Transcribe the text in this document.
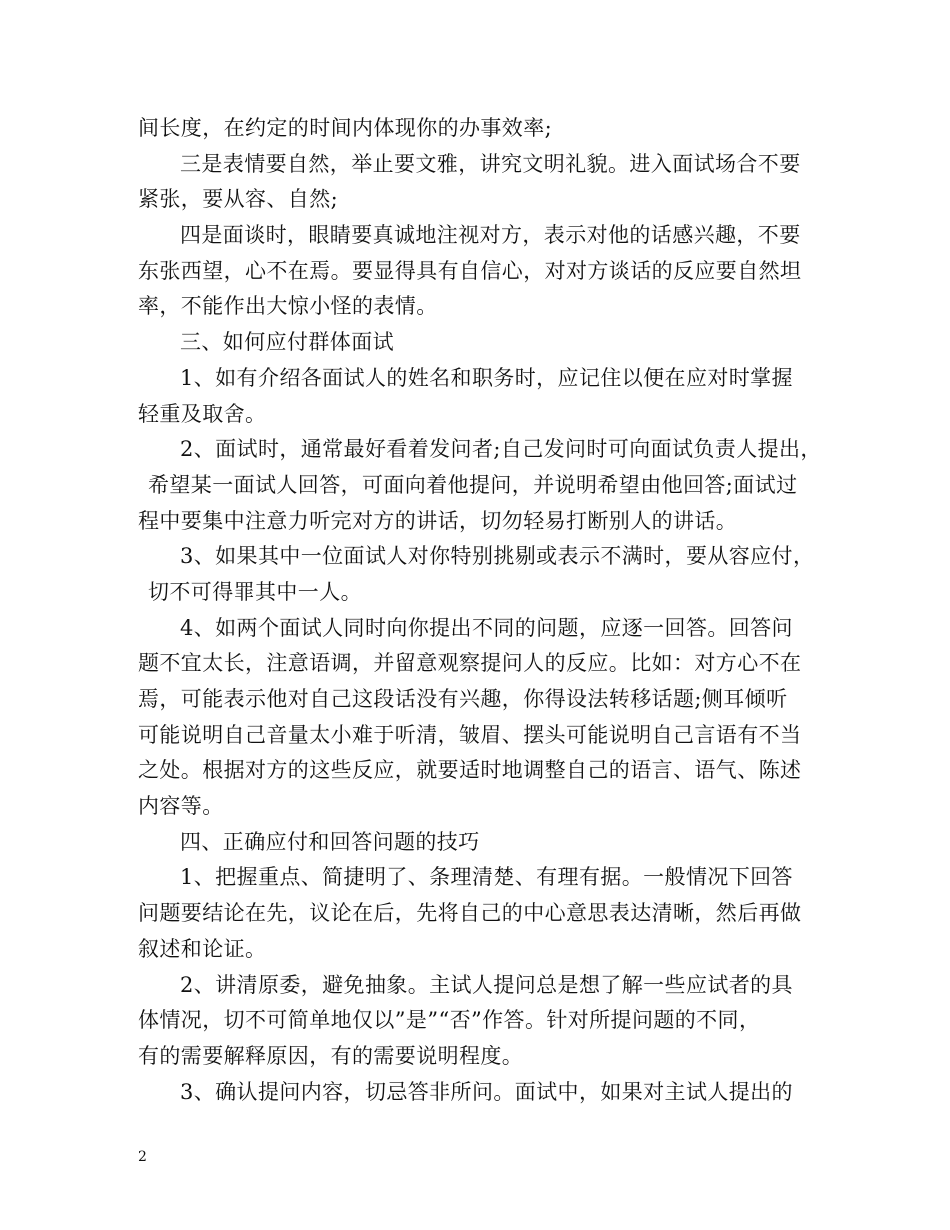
间长度，在约定的时间内体现你的办事效率;
三是表情要自然，举止要文雅，讲究文明礼貌。进入面试场合不要
紧张，要从容、自然;
四是面谈时，眼睛要真诚地注视对方，表示对他的话感兴趣，不要
东张西望，心不在焉。要显得具有自信心，对对方谈话的反应要自然坦
率，不能作出大惊小怪的表情。
三、如何应付群体面试
1、如有介绍各面试人的姓名和职务时，应记住以便在应对时掌握
轻重及取舍。
2、面试时，通常最好看着发问者;自己发问时可向面试负责人提出，
希望某一面试人回答，可面向着他提问，并说明希望由他回答;面试过
程中要集中注意力听完对方的讲话，切勿轻易打断别人的讲话。
3、如果其中一位面试人对你特别挑剔或表示不满时，要从容应付，
切不可得罪其中一人。
4、如两个面试人同时向你提出不同的问题，应逐一回答。回答问
题不宜太长，注意语调，并留意观察提问人的反应。比如：对方心不在
焉，可能表示他对自己这段话没有兴趣，你得设法转移话题;侧耳倾听
可能说明自己音量太小难于听清，皱眉、摆头可能说明自己言语有不当
之处。根据对方的这些反应，就要适时地调整自己的语言、语气、陈述
内容等。
四、正确应付和回答问题的技巧
1、把握重点、简捷明了、条理清楚、有理有据。一般情况下回答
问题要结论在先，议论在后，先将自己的中心意思表达清晰，然后再做
叙述和论证。
2、讲清原委，避免抽象。主试人提问总是想了解一些应试者的具
体情况，切不可简单地仅以”是”“否”作答。针对所提问题的不同，
有的需要解释原因，有的需要说明程度。
3、确认提问内容，切忌答非所问。面试中，如果对主试人提出的
2
